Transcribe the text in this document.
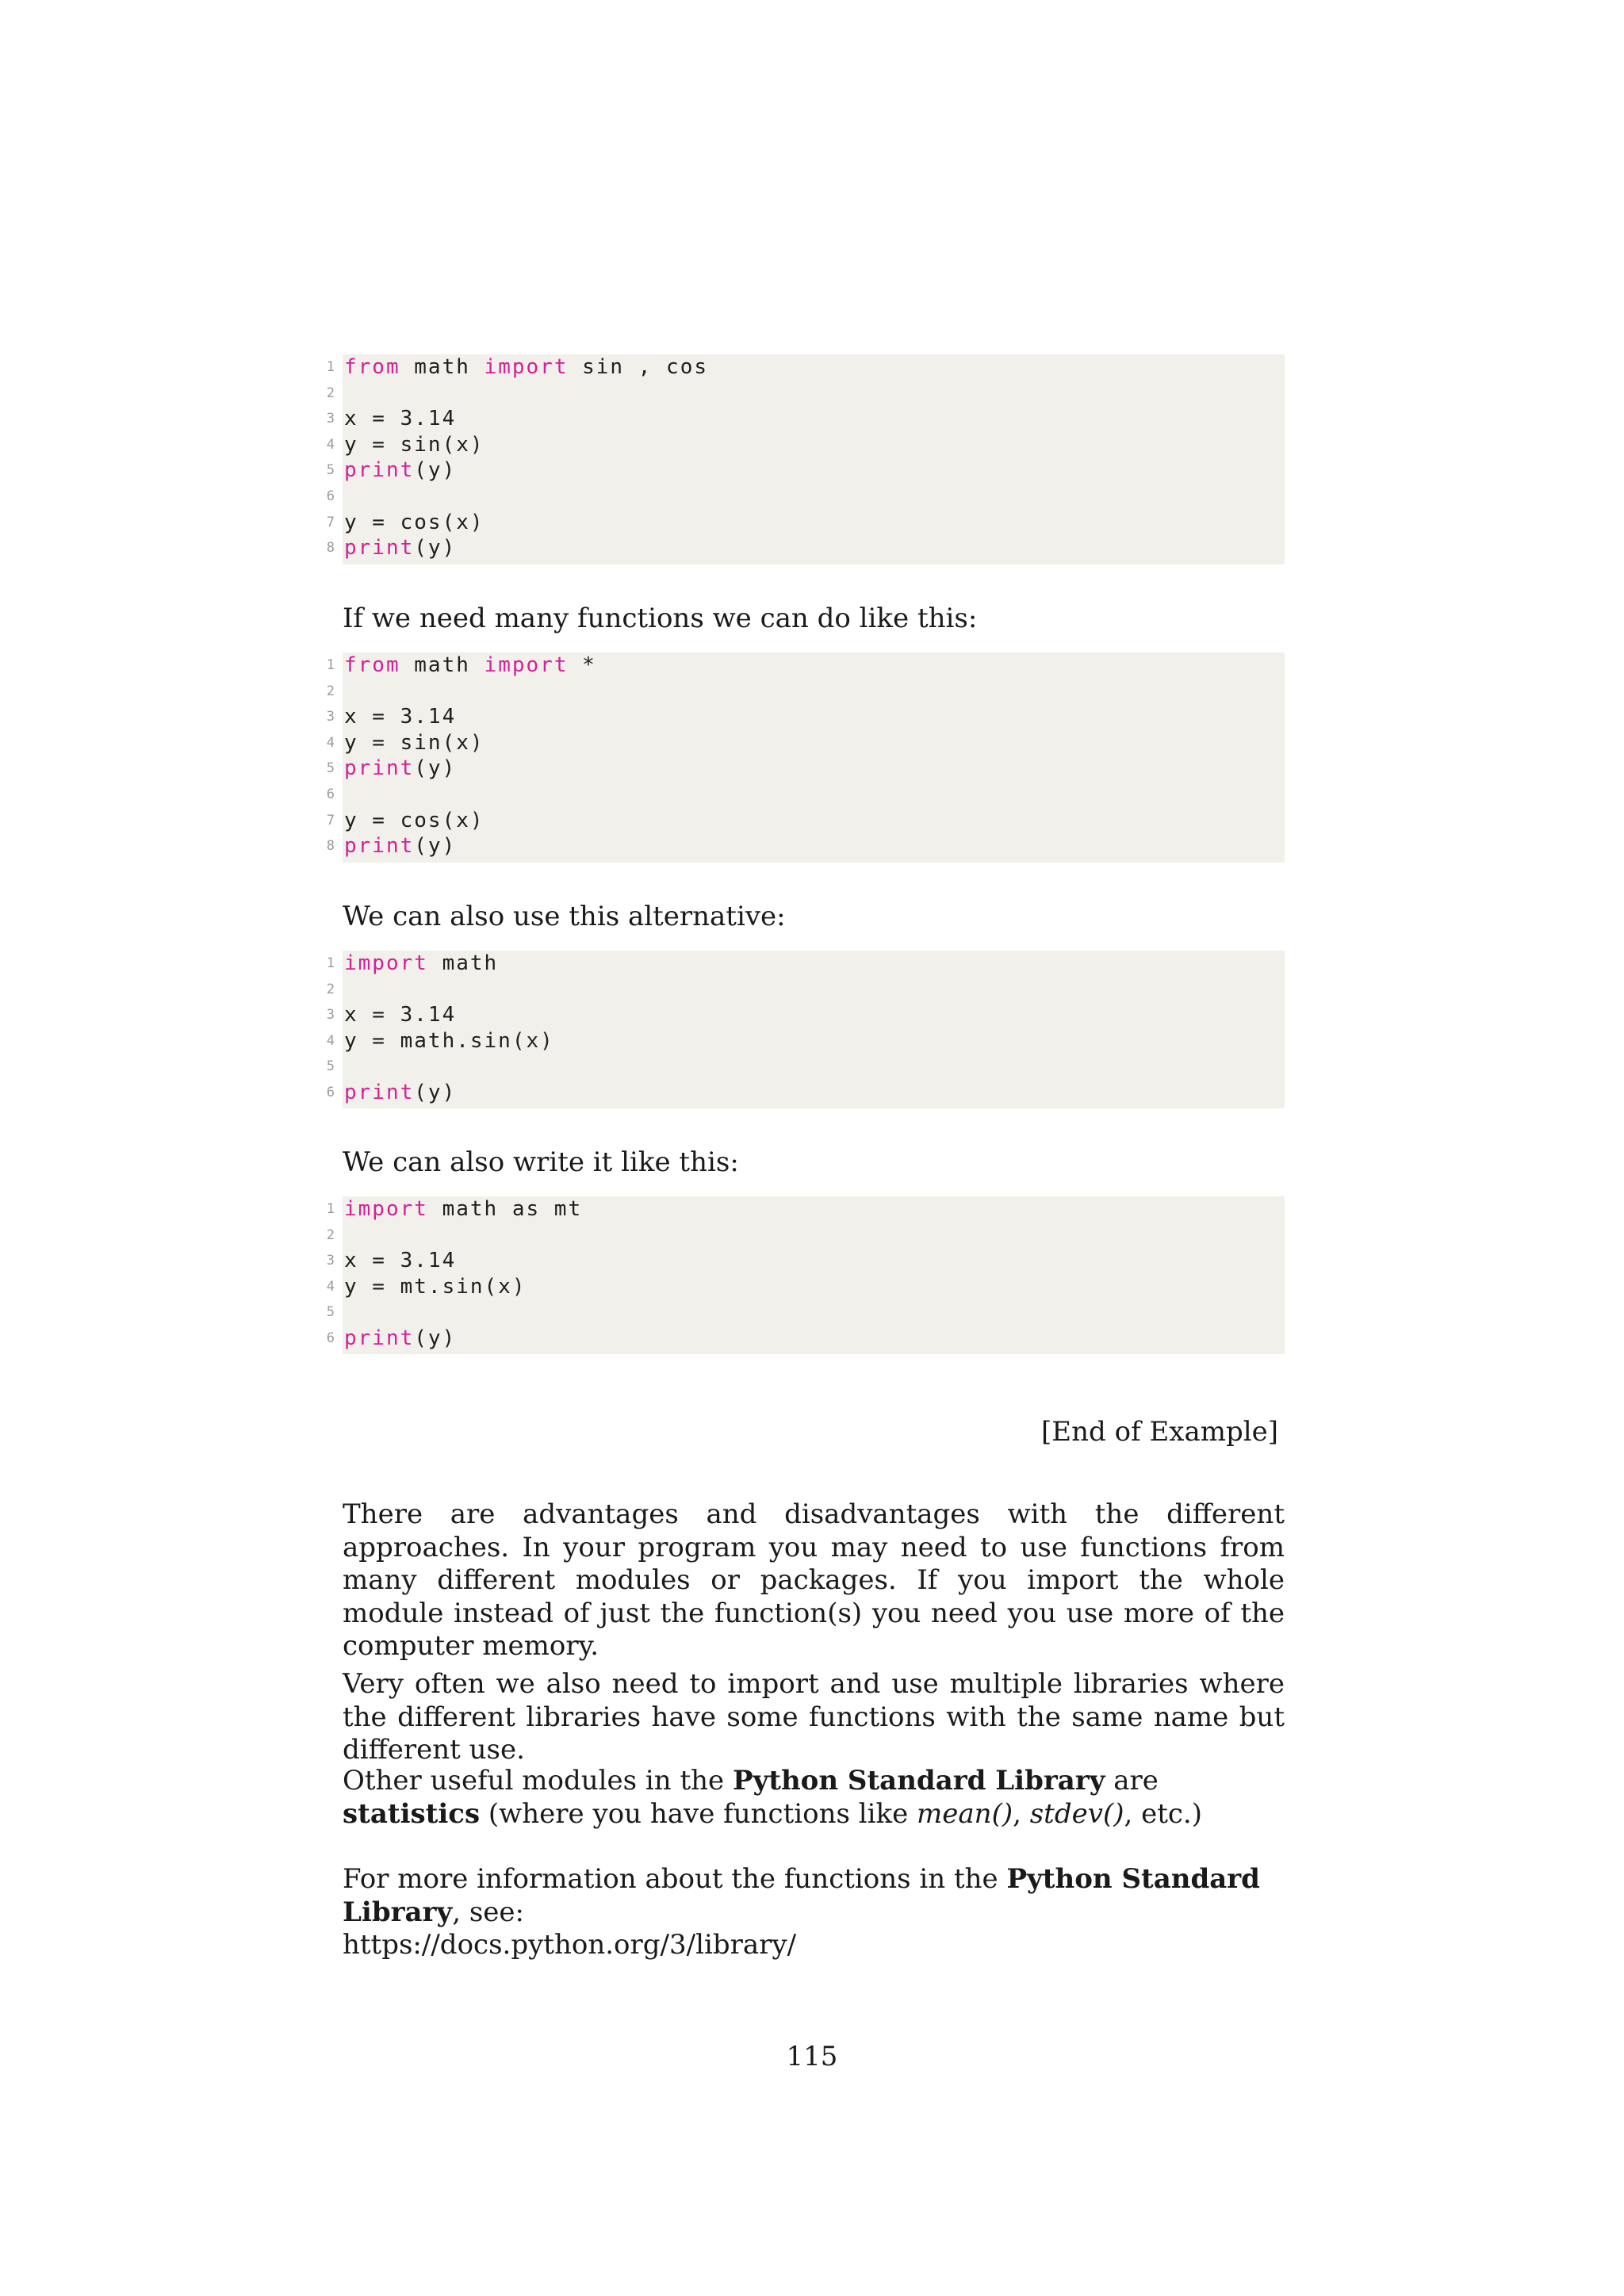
1 from math import sin , cos
2
3 x = 3.14
4 y = sin(x)
5 print(y)
6
7 y = cos(x)
8 print(y)
If we need many functions we can do like this:
1 from math import *
2
3 x = 3.14
4 y = sin(x)
5 print(y)
6
7 y = cos(x)
8 print(y)
We can also use this alternative:
1 import math
2
3 x = 3.14
4 y = math.sin(x)
5
6 print(y)
We can also write it like this:
1 import math as mt
2
3 x = 3.14
4 y = mt.sin(x)
5
6 print(y)
[End of Example]
There are advantages and disadvantages with the different approaches. In your program you may need to use functions from many different modules or packages. If you import the whole module instead of just the function(s) you need you use more of the computer memory.
Very often we also need to import and use multiple libraries where the different libraries have some functions with the same name but different use.
Other useful modules in the Python Standard Library are statistics (where you have functions like mean(), stdev(), etc.)
For more information about the functions in the Python Standard Library, see:
https://docs.python.org/3/library/
115
